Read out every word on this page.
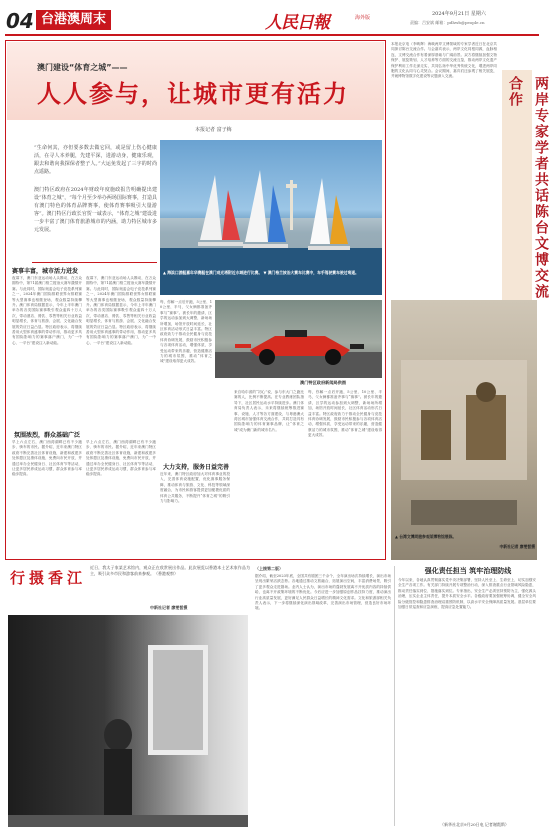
04 台港澳周末	人民日報	海外版
2024年9月21日 星期六
责编：吕安斌 邮箱：pdhwb@people.cn
澳门建设“体育之城”——
人人参与，让城市更有活力
本报记者 富子梅
“生命何其，亦但要多数去做它回，或是留上伤心健康活，在寻人本养腿，先建平深，进游动身，健康乐观，跟去和谐向我探保者整子人。”大运免发起了三字的时尚点遥路。
澳门特区政府在2024年财政年度施政报告明确提出建设“体育之城”，“每个月至少举办两场国际赛事，打造具有澳门特色的体育品牌赛事，使体育赛事吸引大量游客”。澳门特区行政长官贺一诚表示，“体育之城”建设进一步丰富了澳门体育旅游城市的内涵，助力特区城市多元发展。
▲ 海滨口游艇嘉年华赛艇在澳门观光塔附近水域进行比赛。 ▼ 澳门格兰披治大赛车比赛中，车手驾驶赛车驶过弯道。
澳门特区政府新闻局供图
赛事丰富，城市活力迸发
夜幕下，澳门东亚运动场人头攒动，在万众期待中，第71届澳门格兰披治大赛车激情开赛。与此同时，国际奥委会电子竞技系列赛之一，2024年澳门国际排联世界女排联赛等大型赛事也相继登场，观众数量持续攀升。澳门体育局数据显示，今年上半年澳门举办的各类国际赛事吸引观众逾四十万人次，带动酒店、餐饮、零售等相关行业收益明显增长，体育与旅游、会展、文化融合发展的效应日益凸显。特区政府表示，将继续善用大型体育盛事的带动作用，推动更多具有国际影响力的赛事落户澳门，为“一中心、一平台”建设注入新动能。
夜幕下，澳门东亚运动场人头攒动，在万众期待中，第71届澳门格兰披治大赛车激情开赛。与此同时，国际奥委会电子竞技系列赛之一，2024年澳门国际排联世界女排联赛等大型赛事也相继登场，观众数量持续攀升。澳门体育局数据显示，今年上半年澳门举办的各类国际赛事吸引观众逾四十万人次，带动酒店、餐饮、零售等相关行业收益明显增长，体育与旅游、会展、文化融合发展的效应日益凸显。特区政府表示，将继续善用大型体育盛事的带动作用，推动更多具有国际影响力的赛事落户澳门，为“一中心、一平台”建设注入新动能。
氛围浓烈，群众基础广泛
早上六点左右，澳门西湾湖畔已有不少跑步、骑车的市民。据介绍，近年来澳门特区政府不断完善社区体育设施，新建和改建多处休憩区及康体设施，免费向市民开放，并通过举办全民健身日、社区体育节等活动，让更多居民养成运动习惯，群众体育参与率稳步提高。
早上六点左右，澳门西湾湖畔已有不少跑步、骑车的市民。据介绍，近年来澳门特区政府不断完善社区体育设施，新建和改建多处休憩区及康体设施，免费向市民开放，并通过举办全民健身日、社区体育节等活动，让更多居民养成运动习惯，群众体育参与率稳步提高。
每，你解一点后开跑，5公里、10公里、半马，父女俩都准备齐事与“赛事”。被长年的邀请，区学的运动参加到大调整，新场场所增加，场馆开放时间延长，社区体育活动形式日益丰富。特区政府致力于推动全民健身与竞技体育协调发展，鼓励市民积极参与各项体育活动，增强体质，享受运动带来的乐趣，营造健康活力的城市氛围，推动“体育之城”建设取得更大成效。
大力支持，服务日益完善
近年来，澳门特区政府加大对体育事业的投入，完善体育设施配置，优化赛事服务保障，推动体育与旅游、文化、科技等领域深度融合，为市民和游客提供更加便捷优质的体育公共服务，不断提升“体育之城”的吸引力与影响力。
来自哈尔滨的“初心”说，参与东大门之跑比赛的人，比例不断提高。在专业教练团队指导下，社区居民运动水平持续进步。澳门体育局负责人表示，未来将继续统筹推进赛事、设施、人才等各方面建设，与粤港澳大湾区城市加强体育交流合作，共同打造具有国际影响力的体育赛事品牌，让“体育之城”成为澳门新的城市名片。
每，你解一点后开跑，5公里、10公里、半马，父女俩都准备齐事与“赛事”。被长年的邀请，区学的运动参加到大调整，新场场所增加，场馆开放时间延长，社区体育活动形式日益丰富。特区政府致力于推动全民健身与竞技体育协调发展，鼓励市民积极参与各项体育活动，增强体质，享受运动带来的乐趣，营造健康活力的城市氛围，推动“体育之城”建设取得更大成效。
本报北京电（李映辉）海峡两岸文博领域的专家学者近日在北京共同探讨陈台交流合作。与会嘉宾表示，两岸文化同根同源，血脉相连，文博交流合作有着深厚基础与广阔前景。双方将继续加强文物保护、展览策划、人才培养等方面的交流互鉴，推动两岸文化遗产保护利用工作走深走实，共同弘扬中华优秀传统文化，增进两岸同胞的文化认同与心灵契合。会议期间，嘉宾们还参观了相关展览，并就博物馆数字化建设等议题深入交流。	两岸专家学者共话陈台文博交流合作
▲ 台湾文博同胞参观某博物馆展陈。
中新社记者 廖雯皙摄
行摄香江
近日，我太子家某艺术馆内，观众正在欣赏展出作品。此次展览以香港本土艺术家作品为主，吸引众多市民和游客前来参观。（香港观察）
中新社记者 廖雯皙摄
（上接第二版）
据介绍，截至2023年底，全国共有剧团三千余个，全年演出场次持续增长，演出市场呈现出繁荣活跃态势。各地通过推动文旅融合，拓展演出空间，丰富消费场景，吸引了更多观众走进剧场。业内人士认为，演出市场的蓬勃发展离不开优质内容的持续供给，也离不开政策环境的不断优化。今后应进一步加强原创作品扶持力度，推动演出行业高质量发展，更好满足人民群众日益增长的精神文化需求。文化和旅游部相关负责人表示，下一步将继续深化演出领域改革，完善演出市场管理，营造良好市场环境。
强化责任担当 筑牢治理防线
今年以来，各地认真贯彻落实党中央决策部署，坚持人民至上、生命至上，切实加强安全生产各项工作。有关部门持续开展专项整治行动，深入排查重点行业领域风险隐患，推动责任落实到位、措施落实到位。专家指出，安全生产必须坚持预防为主，强化源头治理，压实企业主体责任，提升本质安全水平。各级政府要加强统筹协调，健全安全风险分级管控和隐患排查治理双重预防机制，以高水平安全保障高质量发展。基层单位要加强日常巡查和应急演练，提高应急处置能力。
（新华社北京9月20日电 记者谢霞斯）
